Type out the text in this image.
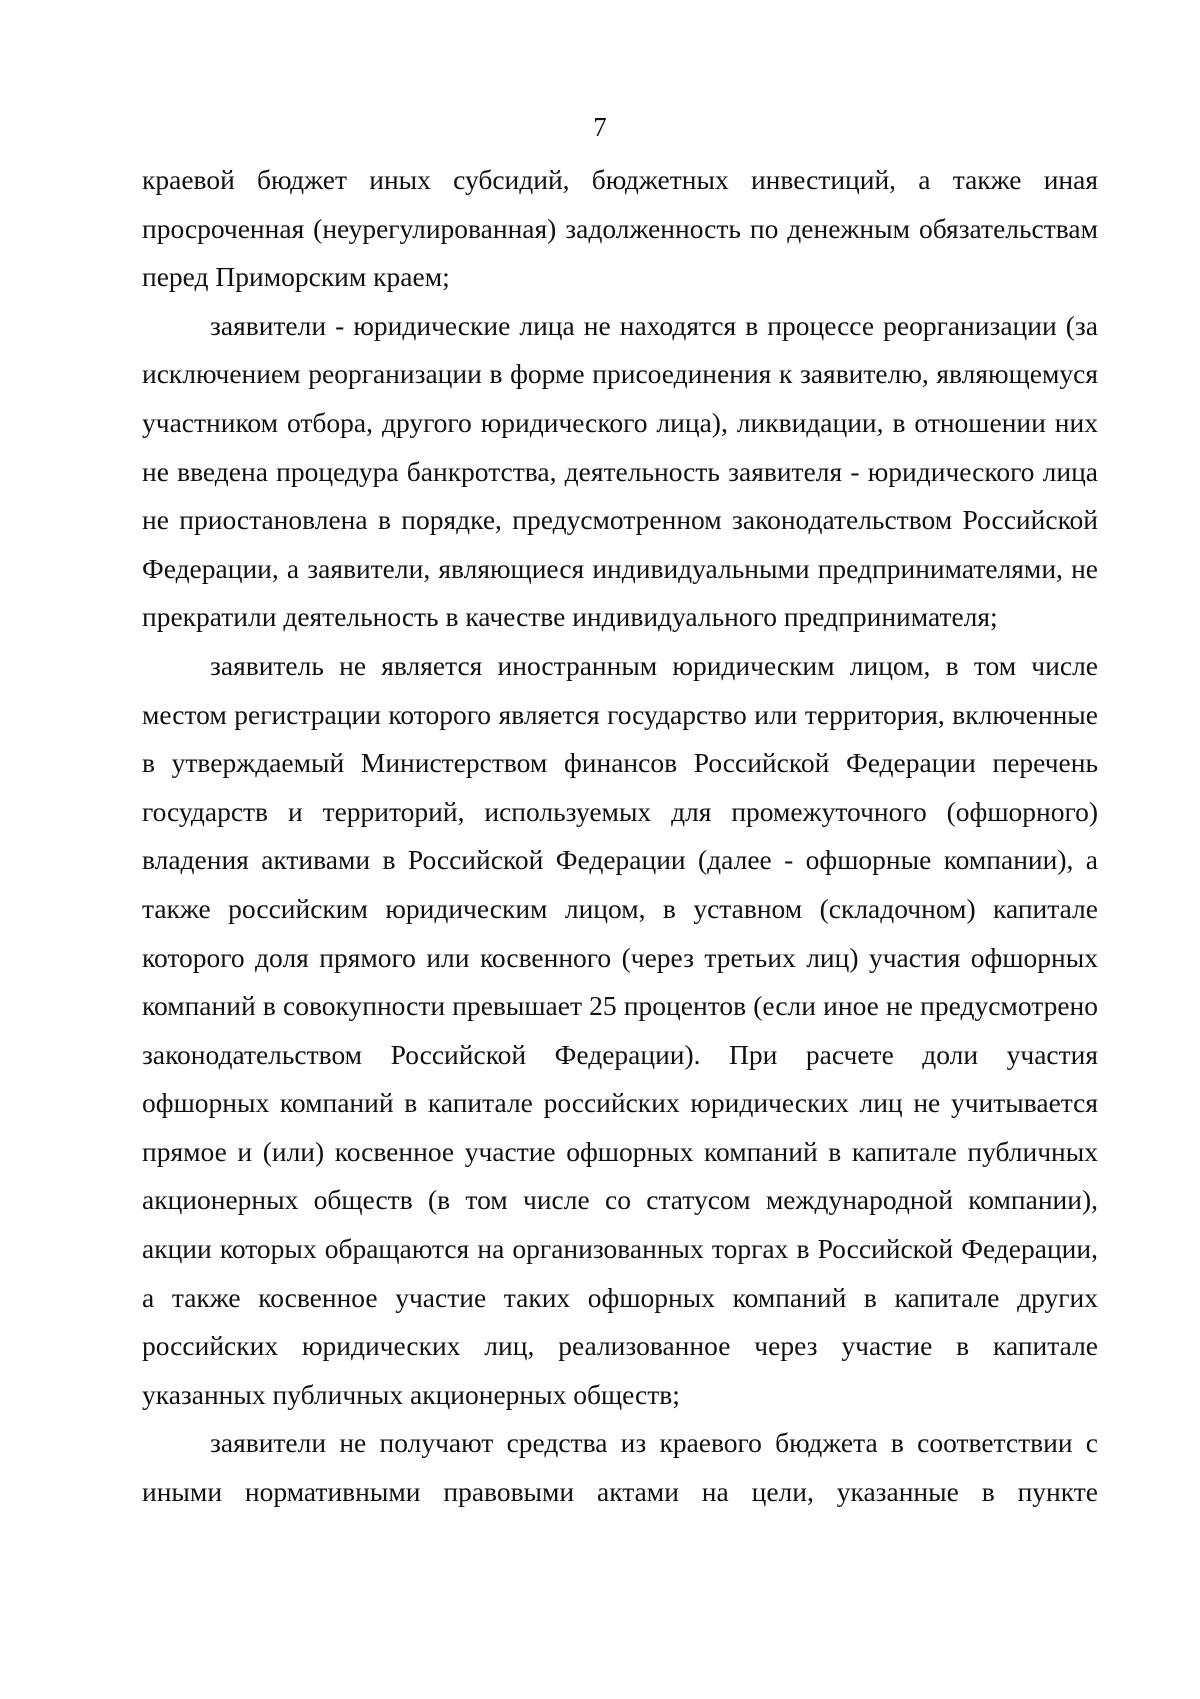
7

краевой бюджет иных субсидий, бюджетных инвестиций, а также иная просроченная (неурегулированная) задолженность по денежным обязательствам перед Приморским краем;

заявители - юридические лица не находятся в процессе реорганизации (за исключением реорганизации в форме присоединения к заявителю, являющемуся участником отбора, другого юридического лица), ликвидации, в отношении них не введена процедура банкротства, деятельность заявителя - юридического лица не приостановлена в порядке, предусмотренном законодательством Российской Федерации, а заявители, являющиеся индивидуальными предпринимателями, не прекратили деятельность в качестве индивидуального предпринимателя;

заявитель не является иностранным юридическим лицом, в том числе местом регистрации которого является государство или территория, включенные в утверждаемый Министерством финансов Российской Федерации перечень государств и территорий, используемых для промежуточного (офшорного) владения активами в Российской Федерации (далее - офшорные компании), а также российским юридическим лицом, в уставном (складочном) капитале которого доля прямого или косвенного (через третьих лиц) участия офшорных компаний в совокупности превышает 25 процентов (если иное не предусмотрено законодательством Российской Федерации). При расчете доли участия офшорных компаний в капитале российских юридических лиц не учитывается прямое и (или) косвенное участие офшорных компаний в капитале публичных акционерных обществ (в том числе со статусом международной компании), акции которых обращаются на организованных торгах в Российской Федерации, а также косвенное участие таких офшорных компаний в капитале других российских юридических лиц, реализованное через участие в капитале указанных публичных акционерных обществ;

заявители не получают средства из краевого бюджета в соответствии с иными нормативными правовыми актами на цели, указанные в пункте
